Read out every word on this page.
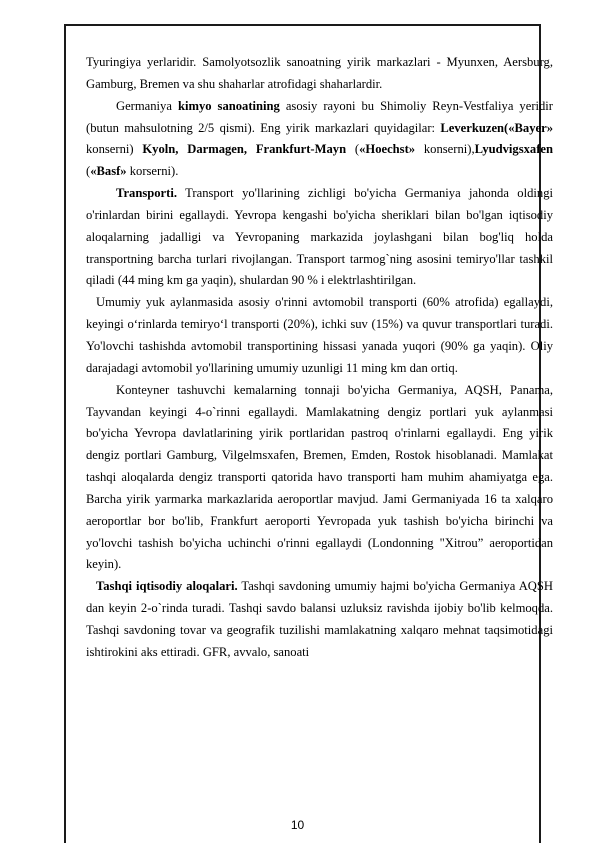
Tyuringiya yerlaridir. Samolyotsozlik sanoatning yirik markazlari - Myunxen, Aersburg, Gamburg, Bremen va shu shaharlar atrofidagi shaharlardir.

Germaniya kimyo sanoatining asosiy rayoni bu Shimoliy Reyn-Vestfaliya yeridir (butun mahsulotning 2/5 qismi). Eng yirik markazlari quyidagilar: Leverkuzen(«Bayer» konserni) Kyoln, Darmagen, Frankfurt-Mayn («Hoechst» konserni),Lyudvigsxafen («Basf» korserni).

Transporti. Transport yo'llarining zichligi bo'yicha Germaniya jahonda oldingi o'rinlardan birini egallaydi. Yevropa kengashi bo'yicha sheriklari bilan bo'lgan iqtisodiy aloqalarning jadalligi va Yevropaning markazida joylashgani bilan bog'liq holda transportning barcha turlari rivojlangan. Transport tarmog`ning asosini temiryo'llar tashkil qiladi (44 ming km ga yaqin), shulardan 90 % i elektrlashtirilgan.

Umumiy yuk aylanmasida asosiy o'rinni avtomobil transporti (60% atrofida) egallaydi, keyingi o‘rinlarda temiryo‘l transporti (20%), ichki suv (15%) va quvur transportlari turadi. Yo'lovchi tashishda avtomobil transportining hissasi yanada yuqori (90% ga yaqin). Oliy darajadagi avtomobil yo'llarining umumiy uzunligi 11 ming km dan ortiq.

Konteyner tashuvchi kemalarning tonnaji bo'yicha Germaniya, AQSH, Panama, Tayvandan keyingi 4-o`rinni egallaydi. Mamlakatning dengiz portlari yuk aylanmasi bo'yicha Yevropa davlatlarining yirik portlaridan pastroq o'rinlarni egallaydi. Eng yirik dengiz portlari Gamburg, Vilgelmsxafen, Bremen, Emden, Rostok hisoblanadi. Mamlakat tashqi aloqalarda dengiz transporti qatorida havo transporti ham muhim ahamiyatga ega. Barcha yirik yarmarka markazlarida aeroportlar mavjud. Jami Germaniyada 16 ta xalqaro aeroportlar bor bo'lib, Frankfurt aeroporti Yevropada yuk tashish bo'yicha birinchi va yo'lovchi tashish bo'yicha uchinchi o'rinni egallaydi (Londonning "Xitrou” aeroportidan keyin).

Tashqi iqtisodiy aloqalari. Tashqi savdoning umumiy hajmi bo'yicha Germaniya AQSH dan keyin 2-o`rinda turadi. Tashqi savdo balansi uzluksiz ravishda ijobiy bo'lib kelmoqda. Tashqi savdoning tovar va geografik tuzilishi mamlakatning xalqaro mehnat taqsimotidagi ishtirokini aks ettiradi. GFR, avvalo, sanoati

10
